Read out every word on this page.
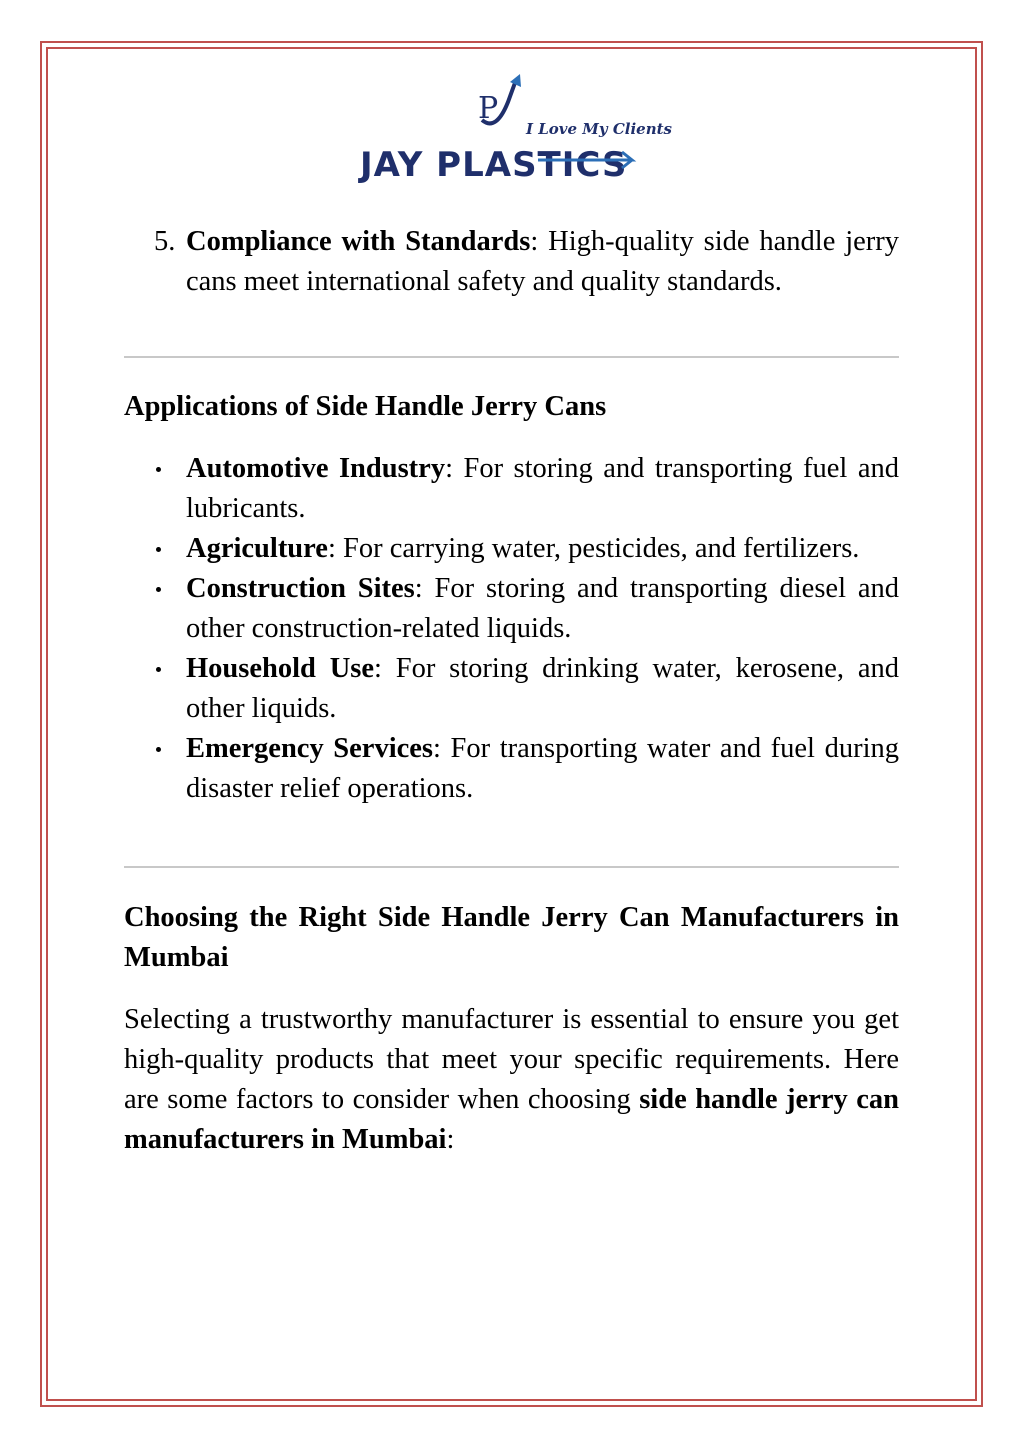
P
I Love My Clients
JAY PLASTICS

5. Compliance with Standards: High-quality side handle jerry cans meet international safety and quality standards.

Applications of Side Handle Jerry Cans
Automotive Industry: For storing and transporting fuel and lubricants.
Agriculture: For carrying water, pesticides, and fertilizers.
Construction Sites: For storing and transporting diesel and other construction-related liquids.
Household Use: For storing drinking water, kerosene, and other liquids.
Emergency Services: For transporting water and fuel during disaster relief operations.
Choosing the Right Side Handle Jerry Can Manufacturers in Mumbai

Selecting a trustworthy manufacturer is essential to ensure you get high-quality products that meet your specific requirements. Here are some factors to consider when choosing side handle jerry can manufacturers in Mumbai:
